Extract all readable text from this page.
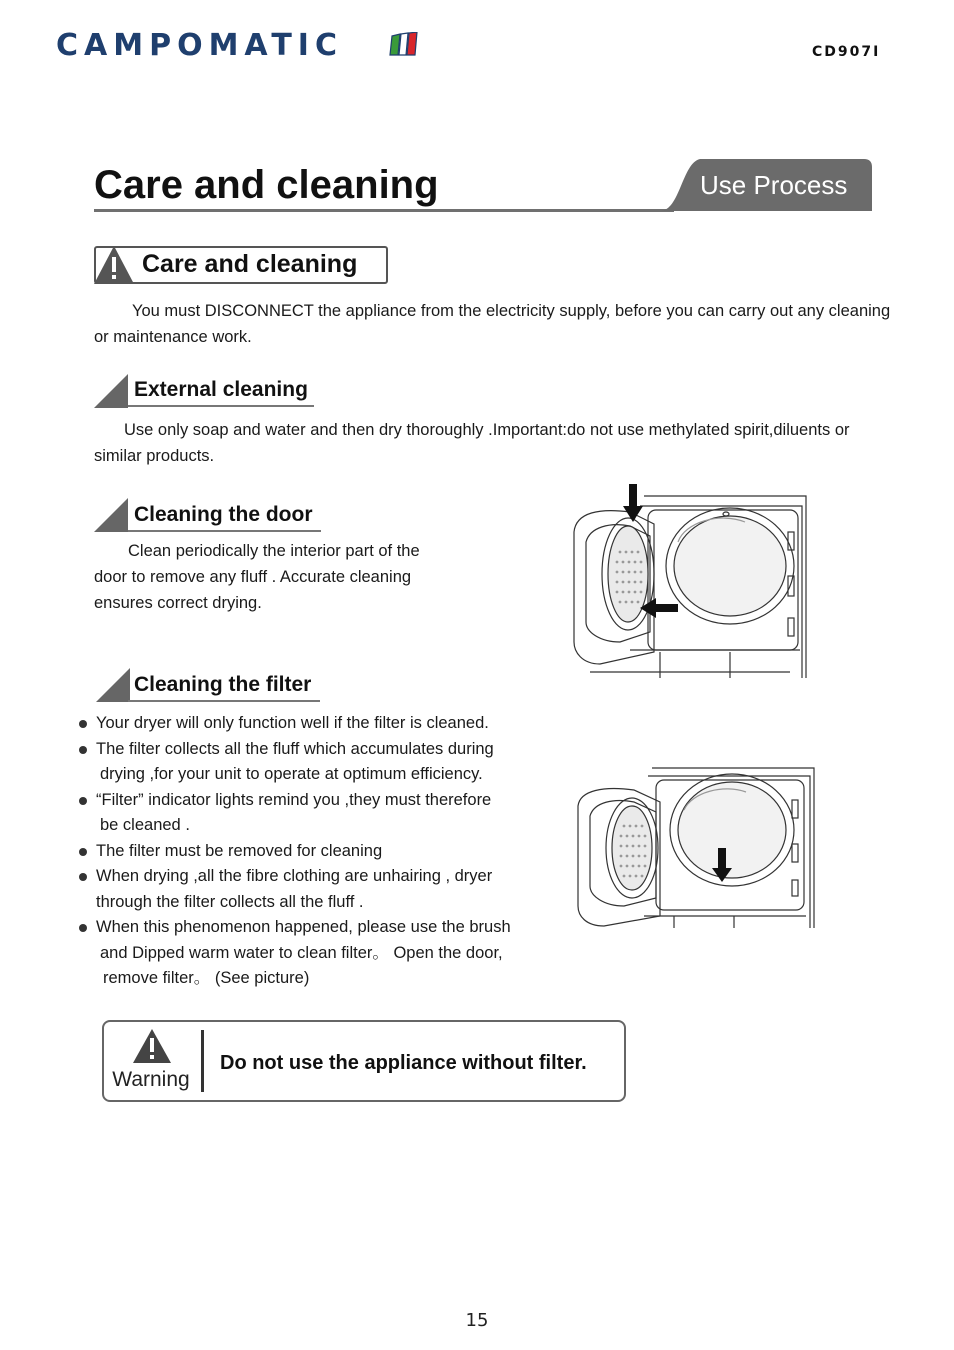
CAMPOMATIC	CD907I
Care and cleaning	Use Process
Care and cleaning
You must DISCONNECT the appliance from the electricity supply, before you can carry out any cleaning or maintenance work.
External cleaning
Use only soap and water and then dry thoroughly .Important:do not use methylated spirit,diluents or similar products.
Cleaning the door
Clean periodically the interior part of the
door to remove any fluff . Accurate cleaning
ensures correct drying.
Cleaning the filter
Your dryer will only function well if the filter is cleaned.
The filter collects all the fluff which accumulates during
drying ,for your unit to operate at optimum efficiency.
“Filter” indicator lights remind you ,they must therefore
be cleaned .
The filter must be removed for cleaning
When drying ,all the fibre clothing are unhairing , dryer
through the filter collects all the fluff .
When this phenomenon happened, please use the brush
and Dipped warm water to clean filter。 Open the door,
remove filter。 (See picture)
Warning
Do not use the appliance without filter.
15
